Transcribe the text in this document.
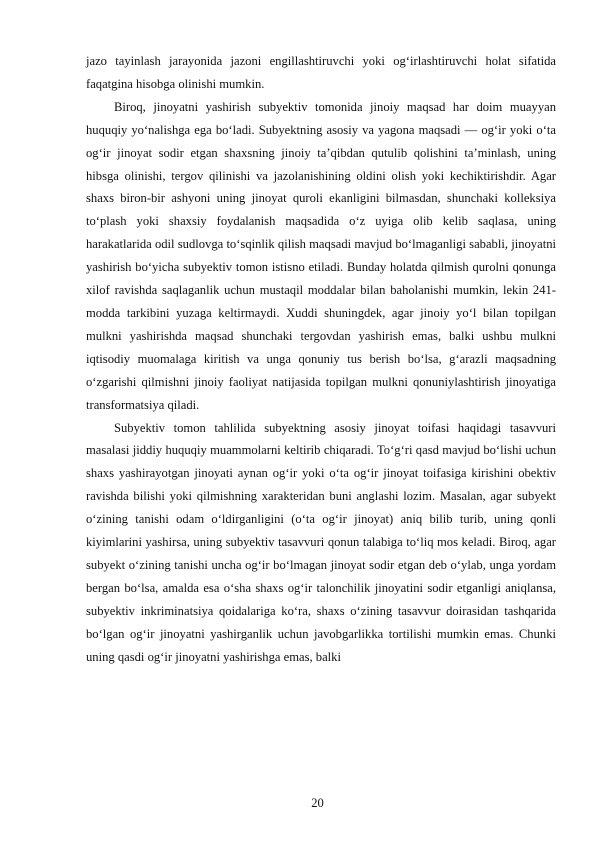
jazo tayinlash jarayonida jazoni engillashtiruvchi yoki og‘irlashtiruvchi holat sifatida faqatgina hisobga olinishi mumkin.

Biroq, jinoyatni yashirish subyektiv tomonida jinoiy maqsad har doim muayyan huquqiy yo‘nalishga ega bo‘ladi. Subyektning asosiy va yagona maqsadi — og‘ir yoki o‘ta og‘ir jinoyat sodir etgan shaxsning jinoiy ta’qibdan qutulib qolishini ta’minlash, uning hibsga olinishi, tergov qilinishi va jazolanishining oldini olish yoki kechiktirishdir. Agar shaxs biron-bir ashyoni uning jinoyat quroli ekanligini bilmasdan, shunchaki kolleksiya to‘plash yoki shaxsiy foydalanish maqsadida o‘z uyiga olib kelib saqlasa, uning harakatlarida odil sudlovga to‘sqinlik qilish maqsadi mavjud bo‘lmaganligi sababli, jinoyatni yashirish bo‘yicha subyektiv tomon istisno etiladi. Bunday holatda qilmish qurolni qonunga xilof ravishda saqlaganlik uchun mustaqil moddalar bilan baholanishi mumkin, lekin 241-modda tarkibini yuzaga keltirmaydi. Xuddi shuningdek, agar jinoiy yo‘l bilan topilgan mulkni yashirishda maqsad shunchaki tergovdan yashirish emas, balki ushbu mulkni iqtisodiy muomalaga kiritish va unga qonuniy tus berish bo‘lsa, g‘arazli maqsadning o‘zgarishi qilmishni jinoiy faoliyat natijasida topilgan mulkni qonuniylashtirish jinoyatiga transformatsiya qiladi.

Subyektiv tomon tahlilida subyektning asosiy jinoyat toifasi haqidagi tasavvuri masalasi jiddiy huquqiy muammolarni keltirib chiqaradi. To‘g‘ri qasd mavjud bo‘lishi uchun shaxs yashirayotgan jinoyati aynan og‘ir yoki o‘ta og‘ir jinoyat toifasiga kirishini obektiv ravishda bilishi yoki qilmishning xarakteridan buni anglashi lozim. Masalan, agar subyekt o‘zining tanishi odam o‘ldirganligini (o‘ta og‘ir jinoyat) aniq bilib turib, uning qonli kiyimlarini yashirsa, uning subyektiv tasavvuri qonun talabiga to‘liq mos keladi. Biroq, agar subyekt o‘zining tanishi uncha og‘ir bo‘lmagan jinoyat sodir etgan deb o‘ylab, unga yordam bergan bo‘lsa, amalda esa o‘sha shaxs og‘ir talonchilik jinoyatini sodir etganligi aniqlansa, subyektiv inkriminatsiya qoidalariga ko‘ra, shaxs o‘zining tasavvur doirasidan tashqarida bo‘lgan og‘ir jinoyatni yashirganlik uchun javobgarlikka tortilishi mumkin emas. Chunki uning qasdi og‘ir jinoyatni yashirishga emas, balki

20
